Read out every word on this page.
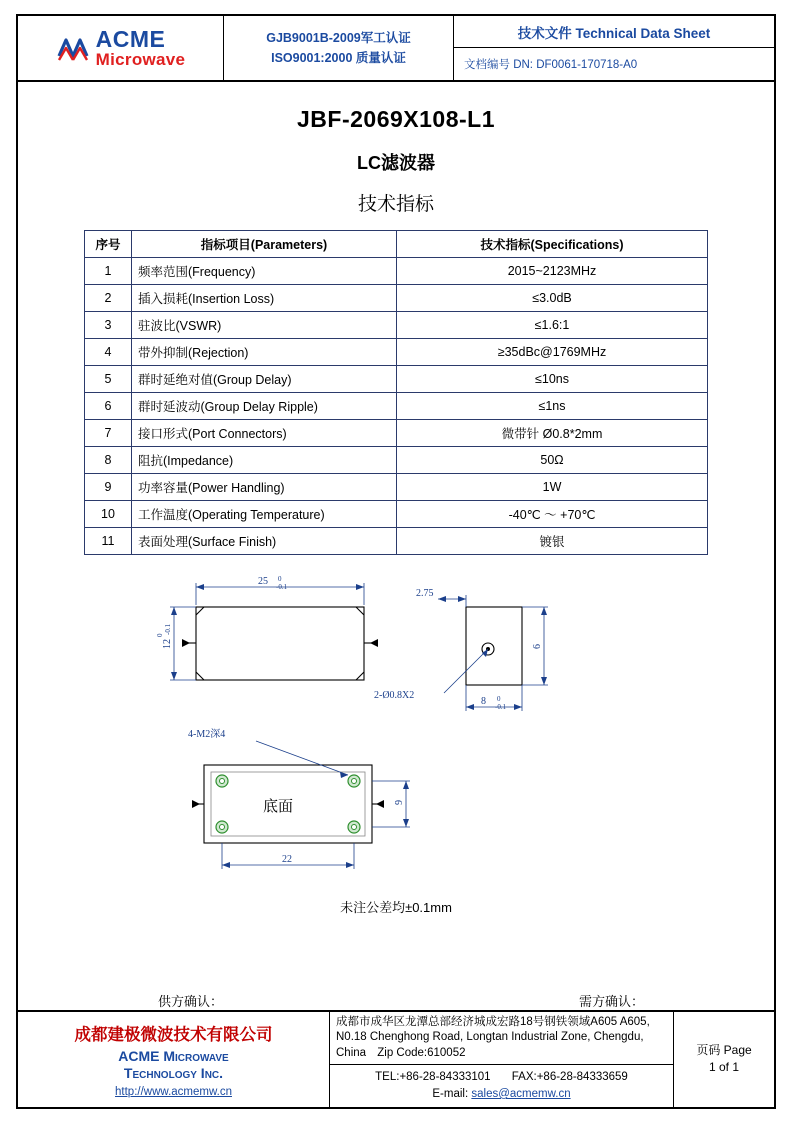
ACME
Microwave
GJB9001B-2009军工认证
ISO9001:2000 质量认证
技术文件 Technical Data Sheet
文档编号 DN: DF0061-170718-A0
JBF-2069X108-L1
LC滤波器
技术指标
序号	指标项目(Parameters)	技术指标(Specifications)
1	频率范围(Frequency)	2015~2123MHz
2	插入损耗(Insertion Loss)	≤3.0dB
3	驻波比(VSWR)	≤1.6:1
4	带外抑制(Rejection)	≥35dBc@1769MHz
5	群时延绝对值(Group Delay)	≤10ns
6	群时延波动(Group Delay Ripple)	≤1ns
7	接口形式(Port Connectors)	微带针 Ø0.8*2mm
8	阻抗(Impedance)	50Ω
9	功率容量(Power Handling)	1W
10	工作温度(Operating Temperature)	-40℃ ～ +70℃
11	表面处理(Surface Finish)	镀银
25 0
-0.1
12
0
-0.1
2.75
6
2-Ø0.8X2
8 0
-0.1
底面
4-M2深4
22
9
未注公差均±0.1mm
供方确认：	需方确认：
成都建极微波技术有限公司
ACME Microwave
Technology Inc.
http://www.acmemw.cn
成都市成华区龙潭总部经济城成宏路18号钢铁领域A605 A605, N0.18 Chenghong Road, Longtan Industrial Zone, Chengdu, China Zip Code:610052
TEL:+86-28-84333101 FAX:+86-28-84333659
E-mail: sales@acmemw.cn
页码 Page
1 of 1
